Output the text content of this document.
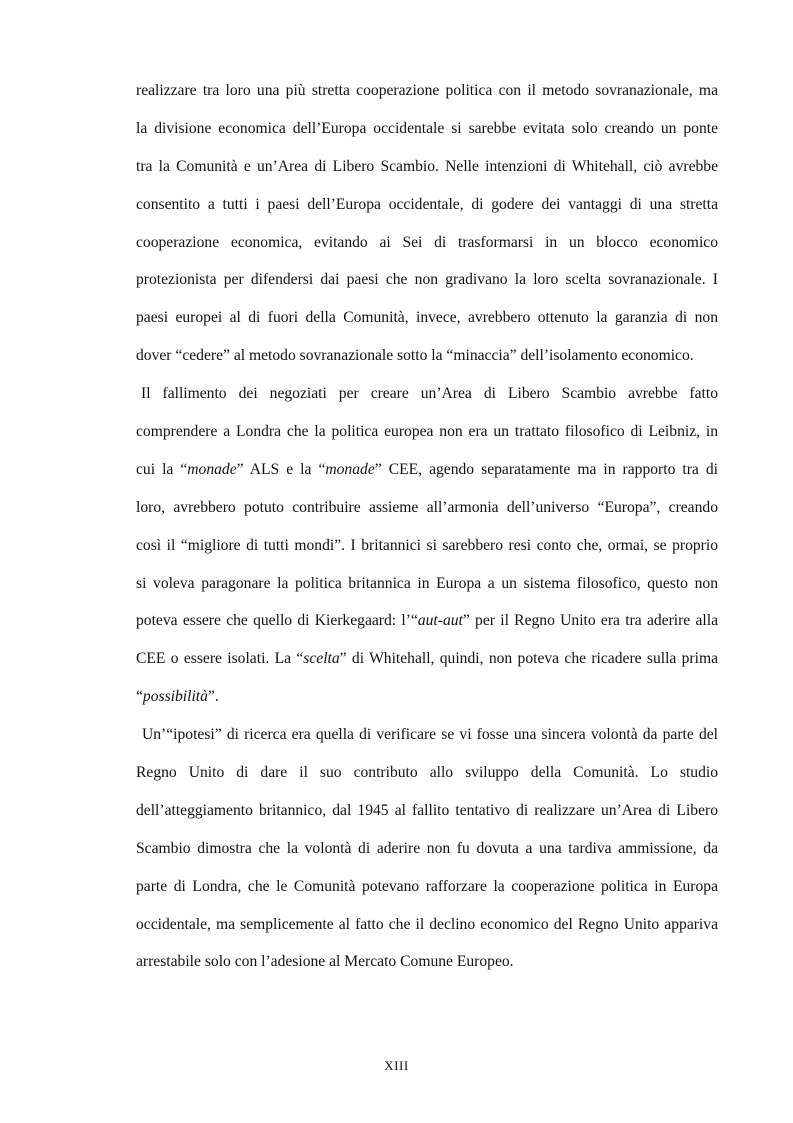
realizzare tra loro una più stretta cooperazione politica con il metodo sovranazionale, ma
la divisione economica dell’Europa occidentale si sarebbe evitata solo creando un ponte
tra la Comunità e un’Area di Libero Scambio. Nelle intenzioni di Whitehall, ciò avrebbe
consentito a tutti i paesi dell’Europa occidentale, di godere dei vantaggi di una stretta
cooperazione economica, evitando ai Sei di trasformarsi in un blocco economico
protezionista per difendersi dai paesi che non gradivano la loro scelta sovranazionale. I
paesi europei al di fuori della Comunità, invece, avrebbero ottenuto la garanzia di non
dover “cedere” al metodo sovranazionale sotto la “minaccia” dell’isolamento economico.
Il fallimento dei negoziati per creare un’Area di Libero Scambio avrebbe fatto
comprendere a Londra che la politica europea non era un trattato filosofico di Leibniz, in
cui la “monade” ALS e la “monade” CEE, agendo separatamente ma in rapporto tra di
loro, avrebbero potuto contribuire assieme all’armonia dell’universo “Europa”, creando
così il “migliore di tutti mondi”. I britannici si sarebbero resi conto che, ormai, se proprio
si voleva paragonare la politica britannica in Europa a un sistema filosofico, questo non
poteva essere che quello di Kierkegaard: l’“aut-aut” per il Regno Unito era tra aderire alla
CEE o essere isolati. La “scelta” di Whitehall, quindi, non poteva che ricadere sulla prima
“possibilità”.
Un’“ipotesi” di ricerca era quella di verificare se vi fosse una sincera volontà da parte del
Regno Unito di dare il suo contributo allo sviluppo della Comunità. Lo studio
dell’atteggiamento britannico, dal 1945 al fallito tentativo di realizzare un’Area di Libero
Scambio dimostra che la volontà di aderire non fu dovuta a una tardiva ammissione, da
parte di Londra, che le Comunità potevano rafforzare la cooperazione politica in Europa
occidentale, ma semplicemente al fatto che il declino economico del Regno Unito appariva
arrestabile solo con l’adesione al Mercato Comune Europeo.
XIII
